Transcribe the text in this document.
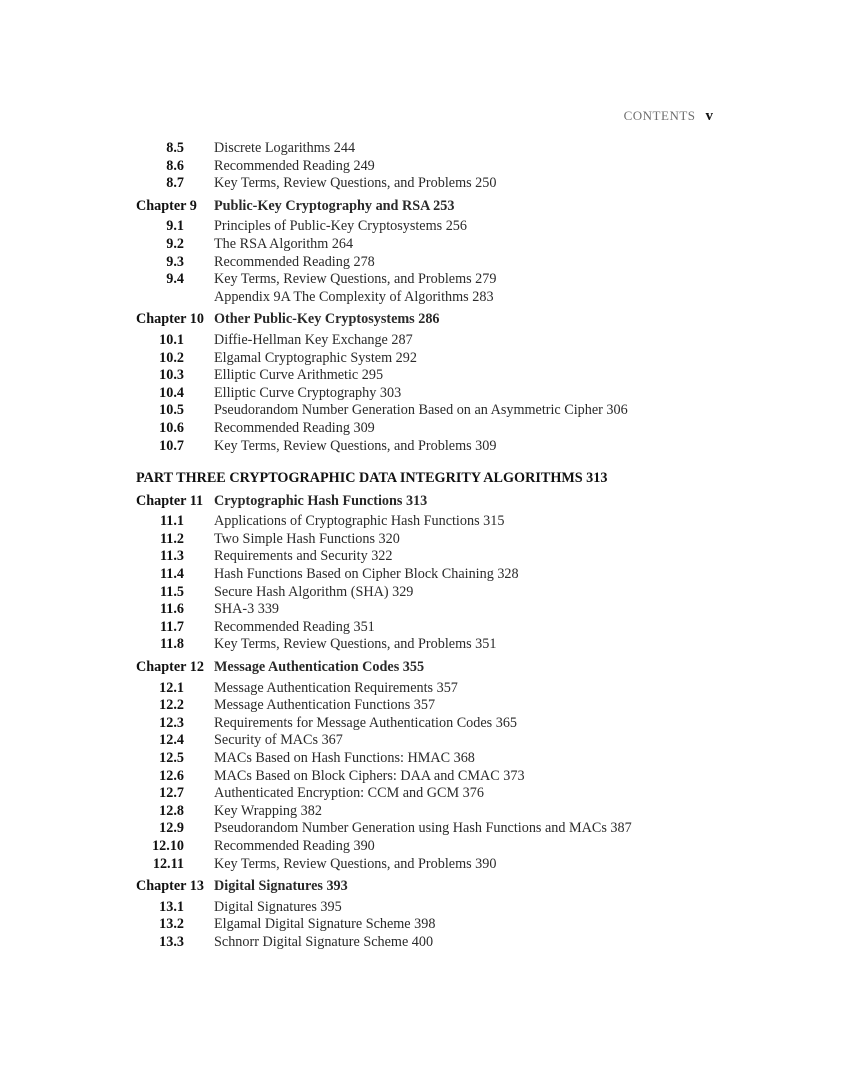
CONTENTS v
8.5	Discrete Logarithms 244
8.6	Recommended Reading 249
8.7	Key Terms, Review Questions, and Problems 250
Chapter 9	Public-Key Cryptography and RSA 253
9.1	Principles of Public-Key Cryptosystems 256
9.2	The RSA Algorithm 264
9.3	Recommended Reading 278
9.4	Key Terms, Review Questions, and Problems 279
Appendix 9A The Complexity of Algorithms 283
Chapter 10 Other Public-Key Cryptosystems 286
10.1	Diffie-Hellman Key Exchange 287
10.2	Elgamal Cryptographic System 292
10.3	Elliptic Curve Arithmetic 295
10.4	Elliptic Curve Cryptography 303
10.5	Pseudorandom Number Generation Based on an Asymmetric Cipher 306
10.6	Recommended Reading 309
10.7	Key Terms, Review Questions, and Problems 309
PART THREE CRYPTOGRAPHIC DATA INTEGRITY ALGORITHMS 313
Chapter 11 Cryptographic Hash Functions 313
11.1	Applications of Cryptographic Hash Functions 315
11.2	Two Simple Hash Functions 320
11.3	Requirements and Security 322
11.4	Hash Functions Based on Cipher Block Chaining 328
11.5	Secure Hash Algorithm (SHA) 329
11.6	SHA-3 339
11.7	Recommended Reading 351
11.8	Key Terms, Review Questions, and Problems 351
Chapter 12 Message Authentication Codes 355
12.1	Message Authentication Requirements 357
12.2	Message Authentication Functions 357
12.3	Requirements for Message Authentication Codes 365
12.4	Security of MACs 367
12.5	MACs Based on Hash Functions: HMAC 368
12.6	MACs Based on Block Ciphers: DAA and CMAC 373
12.7	Authenticated Encryption: CCM and GCM 376
12.8	Key Wrapping 382
12.9	Pseudorandom Number Generation using Hash Functions and MACs 387
12.10	Recommended Reading 390
12.11	Key Terms, Review Questions, and Problems 390
Chapter 13 Digital Signatures 393
13.1	Digital Signatures 395
13.2	Elgamal Digital Signature Scheme 398
13.3	Schnorr Digital Signature Scheme 400
